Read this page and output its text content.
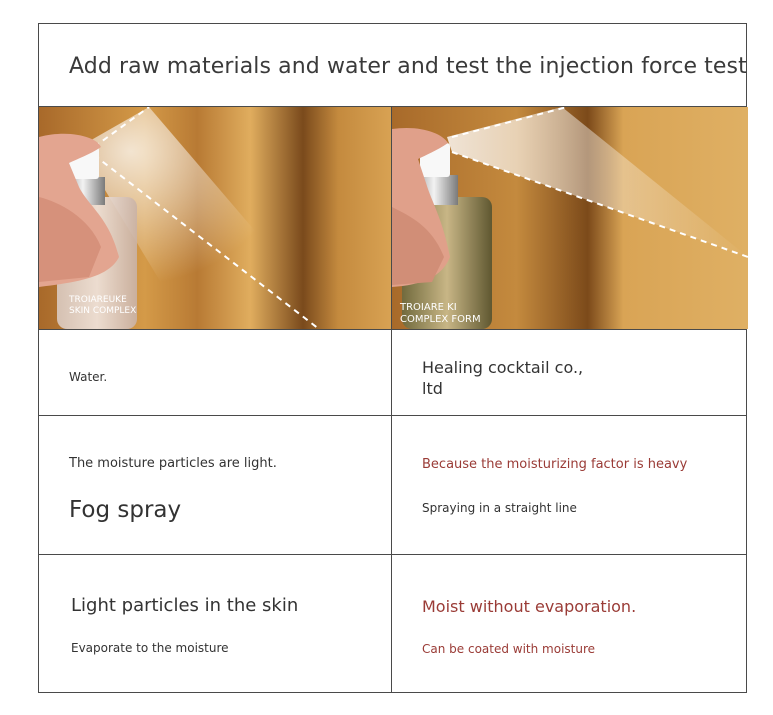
Add raw materials and water and test the injection force test
TROIAREUKE
SKIN COMPLEX	TROIARE KI
COMPLEX FORM
Water.	Healing cocktail co.,
ltd
The moisture particles are light.
Fog spray
Because the moisturizing factor is heavy
Spraying in a straight line
Light particles in the skin
Evaporate to the moisture
Moist without evaporation.
Can be coated with moisture
